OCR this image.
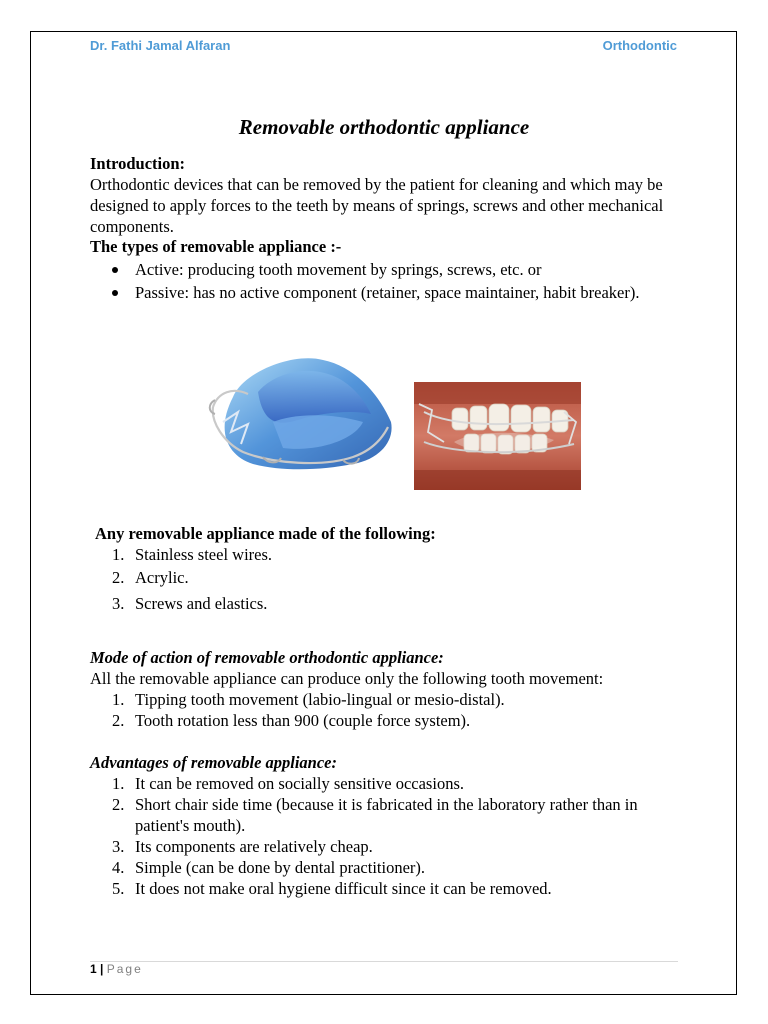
Dr. Fathi Jamal Alfaran	Orthodontic
Removable orthodontic appliance
Introduction:
Orthodontic devices that can be removed by the patient for cleaning and which may be designed to apply forces to the teeth by means of springs, screws and other mechanical components.
The types of removable appliance :-
Active: producing tooth movement by springs, screws, etc. or
Passive: has no active component (retainer, space maintainer, habit breaker).
Any removable appliance made of the following:
1. Stainless steel wires.
2. Acrylic.
3. Screws and elastics.
Mode of action of removable orthodontic appliance:
All the removable appliance can produce only the following tooth movement:
1. Tipping tooth movement (labio-lingual or mesio-distal).
2. Tooth rotation less than 900 (couple force system).
Advantages of removable appliance:
1. It can be removed on socially sensitive occasions.
2. Short chair side time (because it is fabricated in the laboratory rather than in patient's mouth).
3. Its components are relatively cheap.
4. Simple (can be done by dental practitioner).
5. It does not make oral hygiene difficult since it can be removed.
1 | Page
